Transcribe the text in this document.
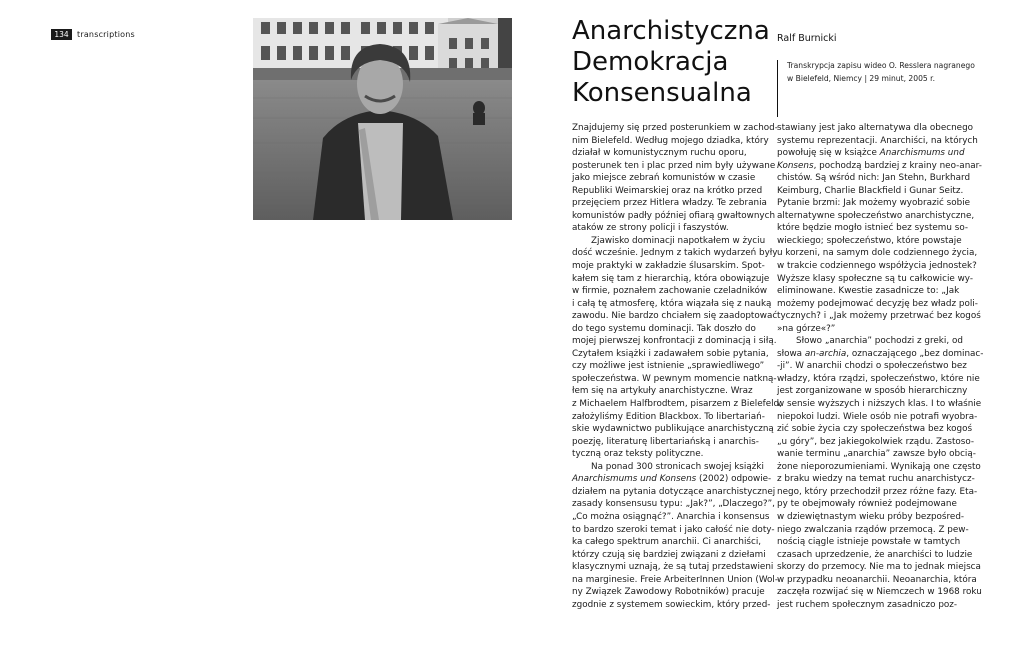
134	transcriptions	Anarchistyczna
Demokracja
Konsensualna
Ralf Burnicki
Transkrypcja zapisu wideo O. Resslera nagranego
w Bielefeld, Niemcy | 29 minut, 2005 r.
Znajdujemy się przed posterunkiem w zachod-
nim Bielefeld. Według mojego dziadka, który
działał w komunistycznym ruchu oporu,
posterunek ten i plac przed nim były używane
jako miejsce zebrań komunistów w czasie
Republiki Weimarskiej oraz na krótko przed
przejęciem przez Hitlera władzy. Te zebrania
komunistów padły później ofiarą gwałtownych
ataków ze strony policji i faszystów.
Zjawisko dominacji napotkałem w życiu
dość wcześnie. Jednym z takich wydarzeń były
moje praktyki w zakładzie ślusarskim. Spot-
kałem się tam z hierarchią, która obowiązuje
w firmie, poznałem zachowanie czeladników
i całą tę atmosferę, która wiązała się z nauką
zawodu. Nie bardzo chciałem się zaadoptować
do tego systemu dominacji. Tak doszło do
mojej pierwszej konfrontacji z dominacją i siłą.
Czytałem książki i zadawałem sobie pytania,
czy możliwe jest istnienie „sprawiedliwego”
społeczeństwa. W pewnym momencie natkną-
łem się na artykuły anarchistyczne. Wraz
z Michaelem Halfbrodtem, pisarzem z Bielefeld,
założyliśmy Edition Blackbox. To libertariań-
skie wydawnictwo publikujące anarchistyczną
poezję, literaturę libertariańską i anarchis-
tyczną oraz teksty polityczne.
Na ponad 300 stronicach swojej książki
Anarchismums und Konsens (2002) odpowie-
działem na pytania dotyczące anarchistycznej
zasady konsensusu typu: „Jak?”, „Dlaczego?”,
„Co można osiągnąć?”. Anarchia i konsensus
to bardzo szeroki temat i jako całość nie doty-
ka całego spektrum anarchii. Ci anarchiści,
którzy czują się bardziej związani z dziełami
klasycznymi uznają, że są tutaj przedstawieni
na marginesie. Freie ArbeiterInnen Union (Wol-
ny Związek Zawodowy Robotników) pracuje
zgodnie z systemem sowieckim, który przed-
stawiany jest jako alternatywa dla obecnego
systemu reprezentacji. Anarchiści, na których
powołuję się w książce Anarchismums und
Konsens, pochodzą bardziej z krainy neo-anar-
chistów. Są wśród nich: Jan Stehn, Burkhard
Keimburg, Charlie Blackfield i Gunar Seitz.
Pytanie brzmi: Jak możemy wyobrazić sobie
alternatywne społeczeństwo anarchistyczne,
które będzie mogło istnieć bez systemu so-
wieckiego; społeczeństwo, które powstaje
u korzeni, na samym dole codziennego życia,
w trakcie codziennego współżycia jednostek?
Wyższe klasy społeczne są tu całkowicie wy-
eliminowane. Kwestie zasadnicze to: „Jak
możemy podejmować decyzję bez władz poli-
tycznych? i „Jak możemy przetrwać bez kogoś
»na górze«?”
Słowo „anarchia” pochodzi z greki, od
słowa an-archia, oznaczającego „bez dominac-
-ji”. W anarchii chodzi o społeczeństwo bez
władzy, która rządzi, społeczeństwo, które nie
jest zorganizowane w sposób hierarchiczny
w sensie wyższych i niższych klas. I to właśnie
niepokoi ludzi. Wiele osób nie potrafi wyobra-
zić sobie życia czy społeczeństwa bez kogoś
„u góry”, bez jakiegokolwiek rządu. Zastoso-
wanie terminu „anarchia” zawsze było obcią-
żone nieporozumieniami. Wynikają one często
z braku wiedzy na temat ruchu anarchistycz-
nego, który przechodził przez różne fazy. Eta-
py te obejmowały również podejmowane
w dziewiętnastym wieku próby bezpośred-
niego zwalczania rządów przemocą. Z pew-
nością ciągle istnieje powstałe w tamtych
czasach uprzedzenie, że anarchiści to ludzie
skorzy do przemocy. Nie ma to jednak miejsca
w przypadku neoanarchii. Neoanarchia, która
zaczęła rozwijać się w Niemczech w 1968 roku
jest ruchem społecznym zasadniczo poz-
